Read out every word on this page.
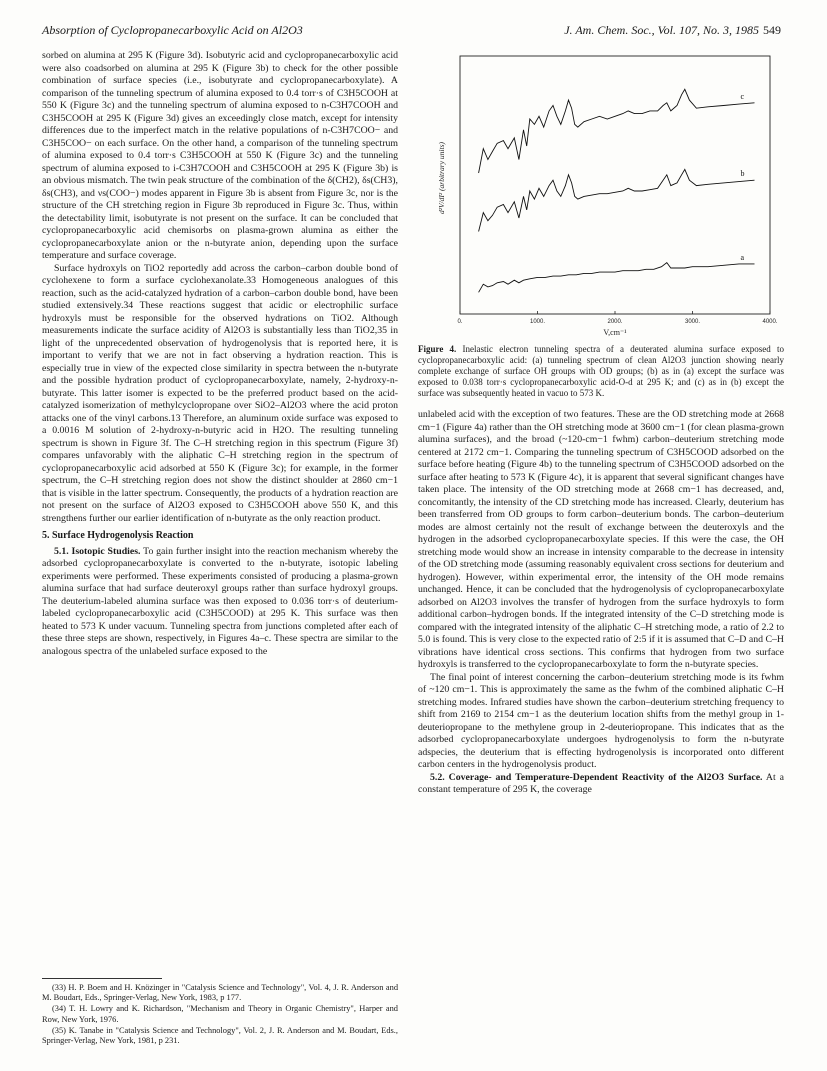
Absorption of Cyclopropanecarboxylic Acid on Al2O3	J. Am. Chem. Soc., Vol. 107, No. 3, 1985 549

sorbed on alumina at 295 K (Figure 3d). Isobutyric acid and cyclopropanecarboxylic acid were also coadsorbed on alumina at 295 K (Figure 3b) to check for the other possible combination of surface species (i.e., isobutyrate and cyclopropanecarboxylate). A comparison of the tunneling spectrum of alumina exposed to 0.4 torr·s of C3H5COOH at 550 K (Figure 3c) and the tunneling spectrum of alumina exposed to n-C3H7COOH and C3H5COOH at 295 K (Figure 3d) gives an exceedingly close match, except for intensity differences due to the imperfect match in the relative populations of n-C3H7COO− and C3H5COO− on each surface. On the other hand, a comparison of the tunneling spectrum of alumina exposed to 0.4 torr·s C3H5COOH at 550 K (Figure 3c) and the tunneling spectrum of alumina exposed to i-C3H7COOH and C3H5COOH at 295 K (Figure 3b) is an obvious mismatch. The twin peak structure of the combination of the δ(CH2), δs(CH3), δs(CH3), and νs(COO−) modes apparent in Figure 3b is absent from Figure 3c, nor is the structure of the CH stretching region in Figure 3b reproduced in Figure 3c. Thus, within the detectability limit, isobutyrate is not present on the surface. It can be concluded that cyclopropanecarboxylic acid chemisorbs on plasma-grown alumina as either the cyclopropanecarboxylate anion or the n-butyrate anion, depending upon the surface temperature and surface coverage.

Surface hydroxyls on TiO2 reportedly add across the carbon–carbon double bond of cyclohexene to form a surface cyclohexanolate.33 Homogeneous analogues of this reaction, such as the acid-catalyzed hydration of a carbon–carbon double bond, have been studied extensively.34 These reactions suggest that acidic or electrophilic surface hydroxyls must be responsible for the observed hydrations on TiO2. Although measurements indicate the surface acidity of Al2O3 is substantially less than TiO2,35 in light of the unprecedented observation of hydrogenolysis that is reported here, it is important to verify that we are not in fact observing a hydration reaction. This is especially true in view of the expected close similarity in spectra between the n-butyrate and the possible hydration product of cyclopropanecarboxylate, namely, 2-hydroxy-n-butyrate. This latter isomer is expected to be the preferred product based on the acid-catalyzed isomerization of methylcyclopropane over SiO2–Al2O3 where the acid proton attacks one of the vinyl carbons.13 Therefore, an aluminum oxide surface was exposed to a 0.0016 M solution of 2-hydroxy-n-butyric acid in H2O. The resulting tunneling spectrum is shown in Figure 3f. The C–H stretching region in this spectrum (Figure 3f) compares unfavorably with the aliphatic C–H stretching region in the spectrum of cyclopropanecarboxylic acid adsorbed at 550 K (Figure 3c); for example, in the former spectrum, the C–H stretching region does not show the distinct shoulder at 2860 cm−1 that is visible in the latter spectrum. Consequently, the products of a hydration reaction are not present on the surface of Al2O3 exposed to C3H5COOH above 550 K, and this strengthens further our earlier identification of n-butyrate as the only reaction product.

5. Surface Hydrogenolysis Reaction

5.1. Isotopic Studies. To gain further insight into the reaction mechanism whereby the adsorbed cyclopropanecarboxylate is converted to the n-butyrate, isotopic labeling experiments were performed. These experiments consisted of producing a plasma-grown alumina surface that had surface deuteroxyl groups rather than surface hydroxyl groups. The deuterium-labeled alumina surface was then exposed to 0.036 torr·s of deuterium-labeled cyclopropanecarboxylic acid (C3H5COOD) at 295 K. This surface was then heated to 573 K under vacuum. Tunneling spectra from junctions completed after each of these three steps are shown, respectively, in Figures 4a–c. These spectra are similar to the analogous spectra of the unlabeled surface exposed to the

(33) H. P. Boem and H. Knözinger in "Catalysis Science and Technology", Vol. 4, J. R. Anderson and M. Boudart, Eds., Springer-Verlag, New York, 1983, p 177.

(34) T. H. Lowry and K. Richardson, "Mechanism and Theory in Organic Chemistry", Harper and Row, New York, 1976.

(35) K. Tanabe in "Catalysis Science and Technology", Vol. 2, J. R. Anderson and M. Boudart, Eds., Springer-Verlag, New York, 1981, p 231.

d²V/dI² (arbitrary units)
0.	1000.	2000.	3000.	4000.
c
b
a
V,cm⁻¹
Figure 4. Inelastic electron tunneling spectra of a deuterated alumina surface exposed to cyclopropanecarboxylic acid: (a) tunneling spectrum of clean Al2O3 junction showing nearly complete exchange of surface OH groups with OD groups; (b) as in (a) except the surface was exposed to 0.038 torr·s cyclopropanecarboxylic acid-O-d at 295 K; and (c) as in (b) except the surface was subsequently heated in vacuo to 573 K.

unlabeled acid with the exception of two features. These are the OD stretching mode at 2668 cm−1 (Figure 4a) rather than the OH stretching mode at 3600 cm−1 (for clean plasma-grown alumina surfaces), and the broad (~120-cm−1 fwhm) carbon–deuterium stretching mode centered at 2172 cm−1. Comparing the tunneling spectrum of C3H5COOD adsorbed on the surface before heating (Figure 4b) to the tunneling spectrum of C3H5COOD adsorbed on the surface after heating to 573 K (Figure 4c), it is apparent that several significant changes have taken place. The intensity of the OD stretching mode at 2668 cm−1 has decreased, and, concomitantly, the intensity of the CD stretching mode has increased. Clearly, deuterium has been transferred from OD groups to form carbon–deuterium bonds. The carbon–deuterium modes are almost certainly not the result of exchange between the deuteroxyls and the hydrogen in the adsorbed cyclopropanecarboxylate species. If this were the case, the OH stretching mode would show an increase in intensity comparable to the decrease in intensity of the OD stretching mode (assuming reasonably equivalent cross sections for deuterium and hydrogen). However, within experimental error, the intensity of the OH mode remains unchanged. Hence, it can be concluded that the hydrogenolysis of cyclopropanecarboxylate adsorbed on Al2O3 involves the transfer of hydrogen from the surface hydroxyls to form additional carbon–hydrogen bonds. If the integrated intensity of the C–D stretching mode is compared with the integrated intensity of the aliphatic C–H stretching mode, a ratio of 2.2 to 5.0 is found. This is very close to the expected ratio of 2:5 if it is assumed that C–D and C–H vibrations have identical cross sections. This confirms that hydrogen from two surface hydroxyls is transferred to the cyclopropanecarboxylate to form the n-butyrate species.

The final point of interest concerning the carbon–deuterium stretching mode is its fwhm of ~120 cm−1. This is approximately the same as the fwhm of the combined aliphatic C–H stretching modes. Infrared studies have shown the carbon–deuterium stretching frequency to shift from 2169 to 2154 cm−1 as the deuterium location shifts from the methyl group in 1-deuteriopropane to the methylene group in 2-deuteriopropane. This indicates that as the adsorbed cyclopropanecarboxylate undergoes hydrogenolysis to form the n-butyrate adspecies, the deuterium that is effecting hydrogenolysis is incorporated onto different carbon centers in the hydrogenolysis product.

5.2. Coverage- and Temperature-Dependent Reactivity of the Al2O3 Surface. At a constant temperature of 295 K, the coverage
